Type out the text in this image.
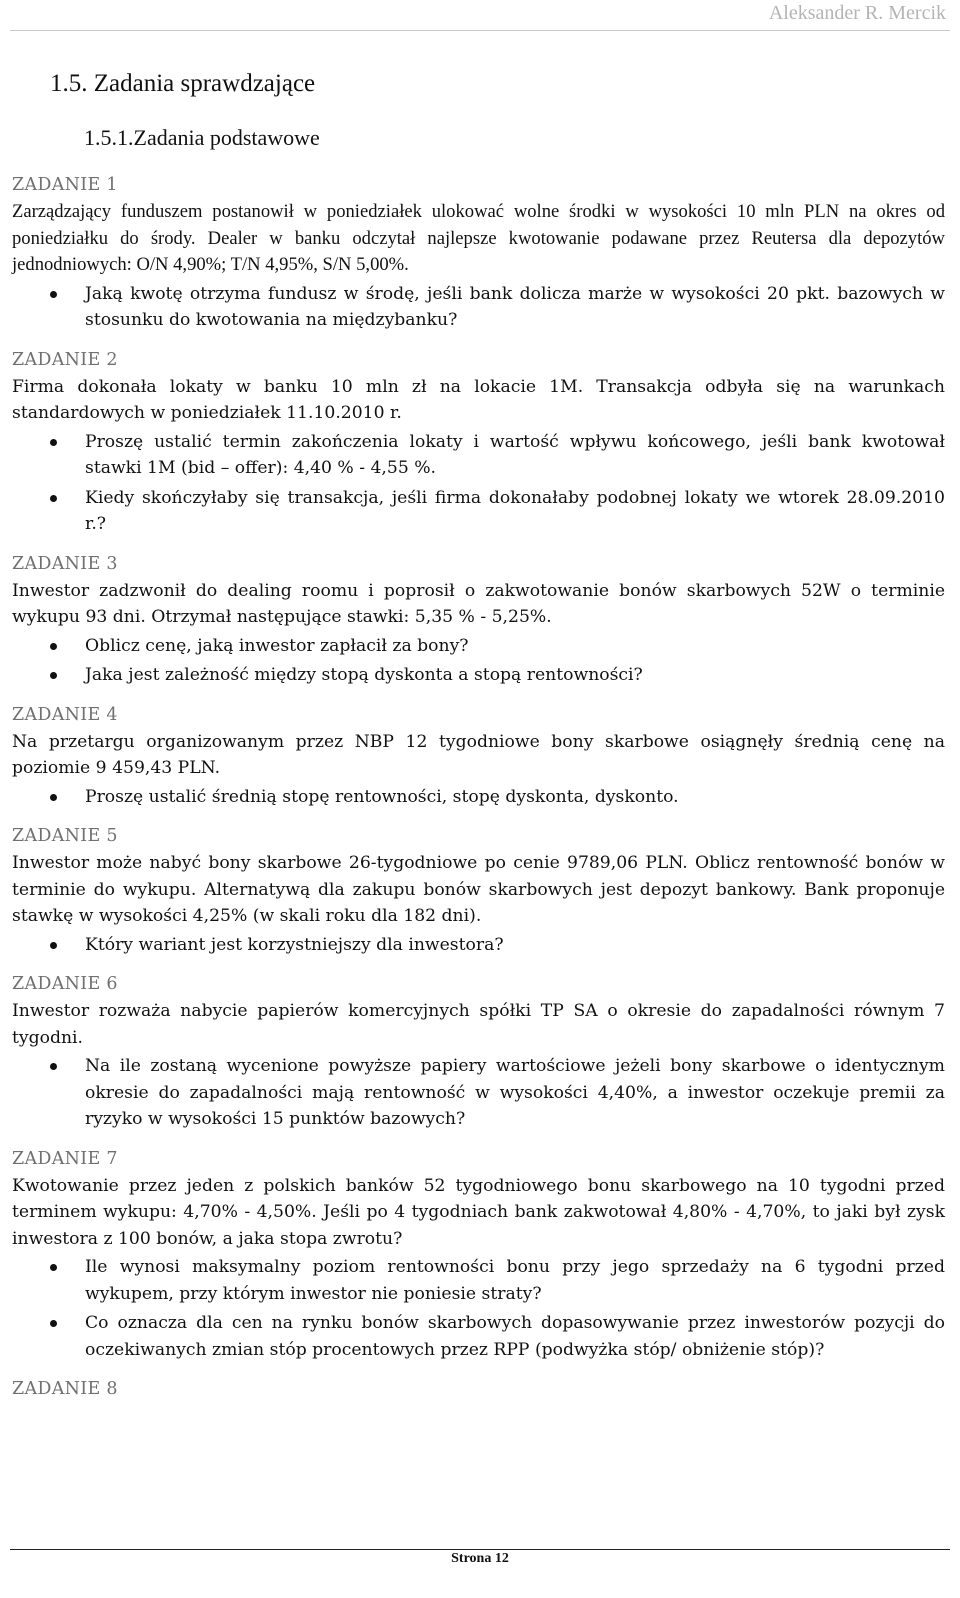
Aleksander R. Mercik
1.5. Zadania sprawdzające
1.5.1.Zadania podstawowe
ZADANIE 1

Zarządzający funduszem postanowił w poniedziałek ulokować wolne środki w wysokości 10 mln PLN na okres od poniedziałku do środy. Dealer w banku odczytał najlepsze kwotowanie podawane przez Reutersa dla depozytów jednodniowych: O/N 4,90%; T/N 4,95%, S/N 5,00%.

Jaką kwotę otrzyma fundusz w środę, jeśli bank dolicza marże w wysokości 20 pkt. bazowych w stosunku do kwotowania na międzybanku?
ZADANIE 2

Firma dokonała lokaty w banku 10 mln zł na lokacie 1M. Transakcja odbyła się na warunkach standardowych w poniedziałek 11.10.2010 r.

Proszę ustalić termin zakończenia lokaty i wartość wpływu końcowego, jeśli bank kwotował stawki 1M (bid – offer): 4,40 % - 4,55 %.
Kiedy skończyłaby się transakcja, jeśli firma dokonałaby podobnej lokaty we wtorek 28.09.2010 r.?
ZADANIE 3

Inwestor zadzwonił do dealing roomu i poprosił o zakwotowanie bonów skarbowych 52W o terminie wykupu 93 dni. Otrzymał następujące stawki: 5,35 % - 5,25%.

Oblicz cenę, jaką inwestor zapłacił za bony?
Jaka jest zależność między stopą dyskonta a stopą rentowności?
ZADANIE 4

Na przetargu organizowanym przez NBP 12 tygodniowe bony skarbowe osiągnęły średnią cenę na poziomie 9 459,43 PLN.

Proszę ustalić średnią stopę rentowności, stopę dyskonta, dyskonto.
ZADANIE 5

Inwestor może nabyć bony skarbowe 26-tygodniowe po cenie 9789,06 PLN. Oblicz rentowność bonów w terminie do wykupu. Alternatywą dla zakupu bonów skarbowych jest depozyt bankowy. Bank proponuje stawkę w wysokości 4,25% (w skali roku dla 182 dni).

Który wariant jest korzystniejszy dla inwestora?
ZADANIE 6

Inwestor rozważa nabycie papierów komercyjnych spółki TP SA o okresie do zapadalności równym 7 tygodni.

Na ile zostaną wycenione powyższe papiery wartościowe jeżeli bony skarbowe o identycznym okresie do zapadalności mają rentowność w wysokości 4,40%, a inwestor oczekuje premii za ryzyko w wysokości 15 punktów bazowych?
ZADANIE 7

Kwotowanie przez jeden z polskich banków 52 tygodniowego bonu skarbowego na 10 tygodni przed terminem wykupu: 4,70% - 4,50%. Jeśli po 4 tygodniach bank zakwotował 4,80% - 4,70%, to jaki był zysk inwestora z 100 bonów, a jaka stopa zwrotu?

Ile wynosi maksymalny poziom rentowności bonu przy jego sprzedaży na 6 tygodni przed wykupem, przy którym inwestor nie poniesie straty?
Co oznacza dla cen na rynku bonów skarbowych dopasowywanie przez inwestorów pozycji do oczekiwanych zmian stóp procentowych przez RPP (podwyżka stóp/ obniżenie stóp)?
ZADANIE 8
Strona 12
